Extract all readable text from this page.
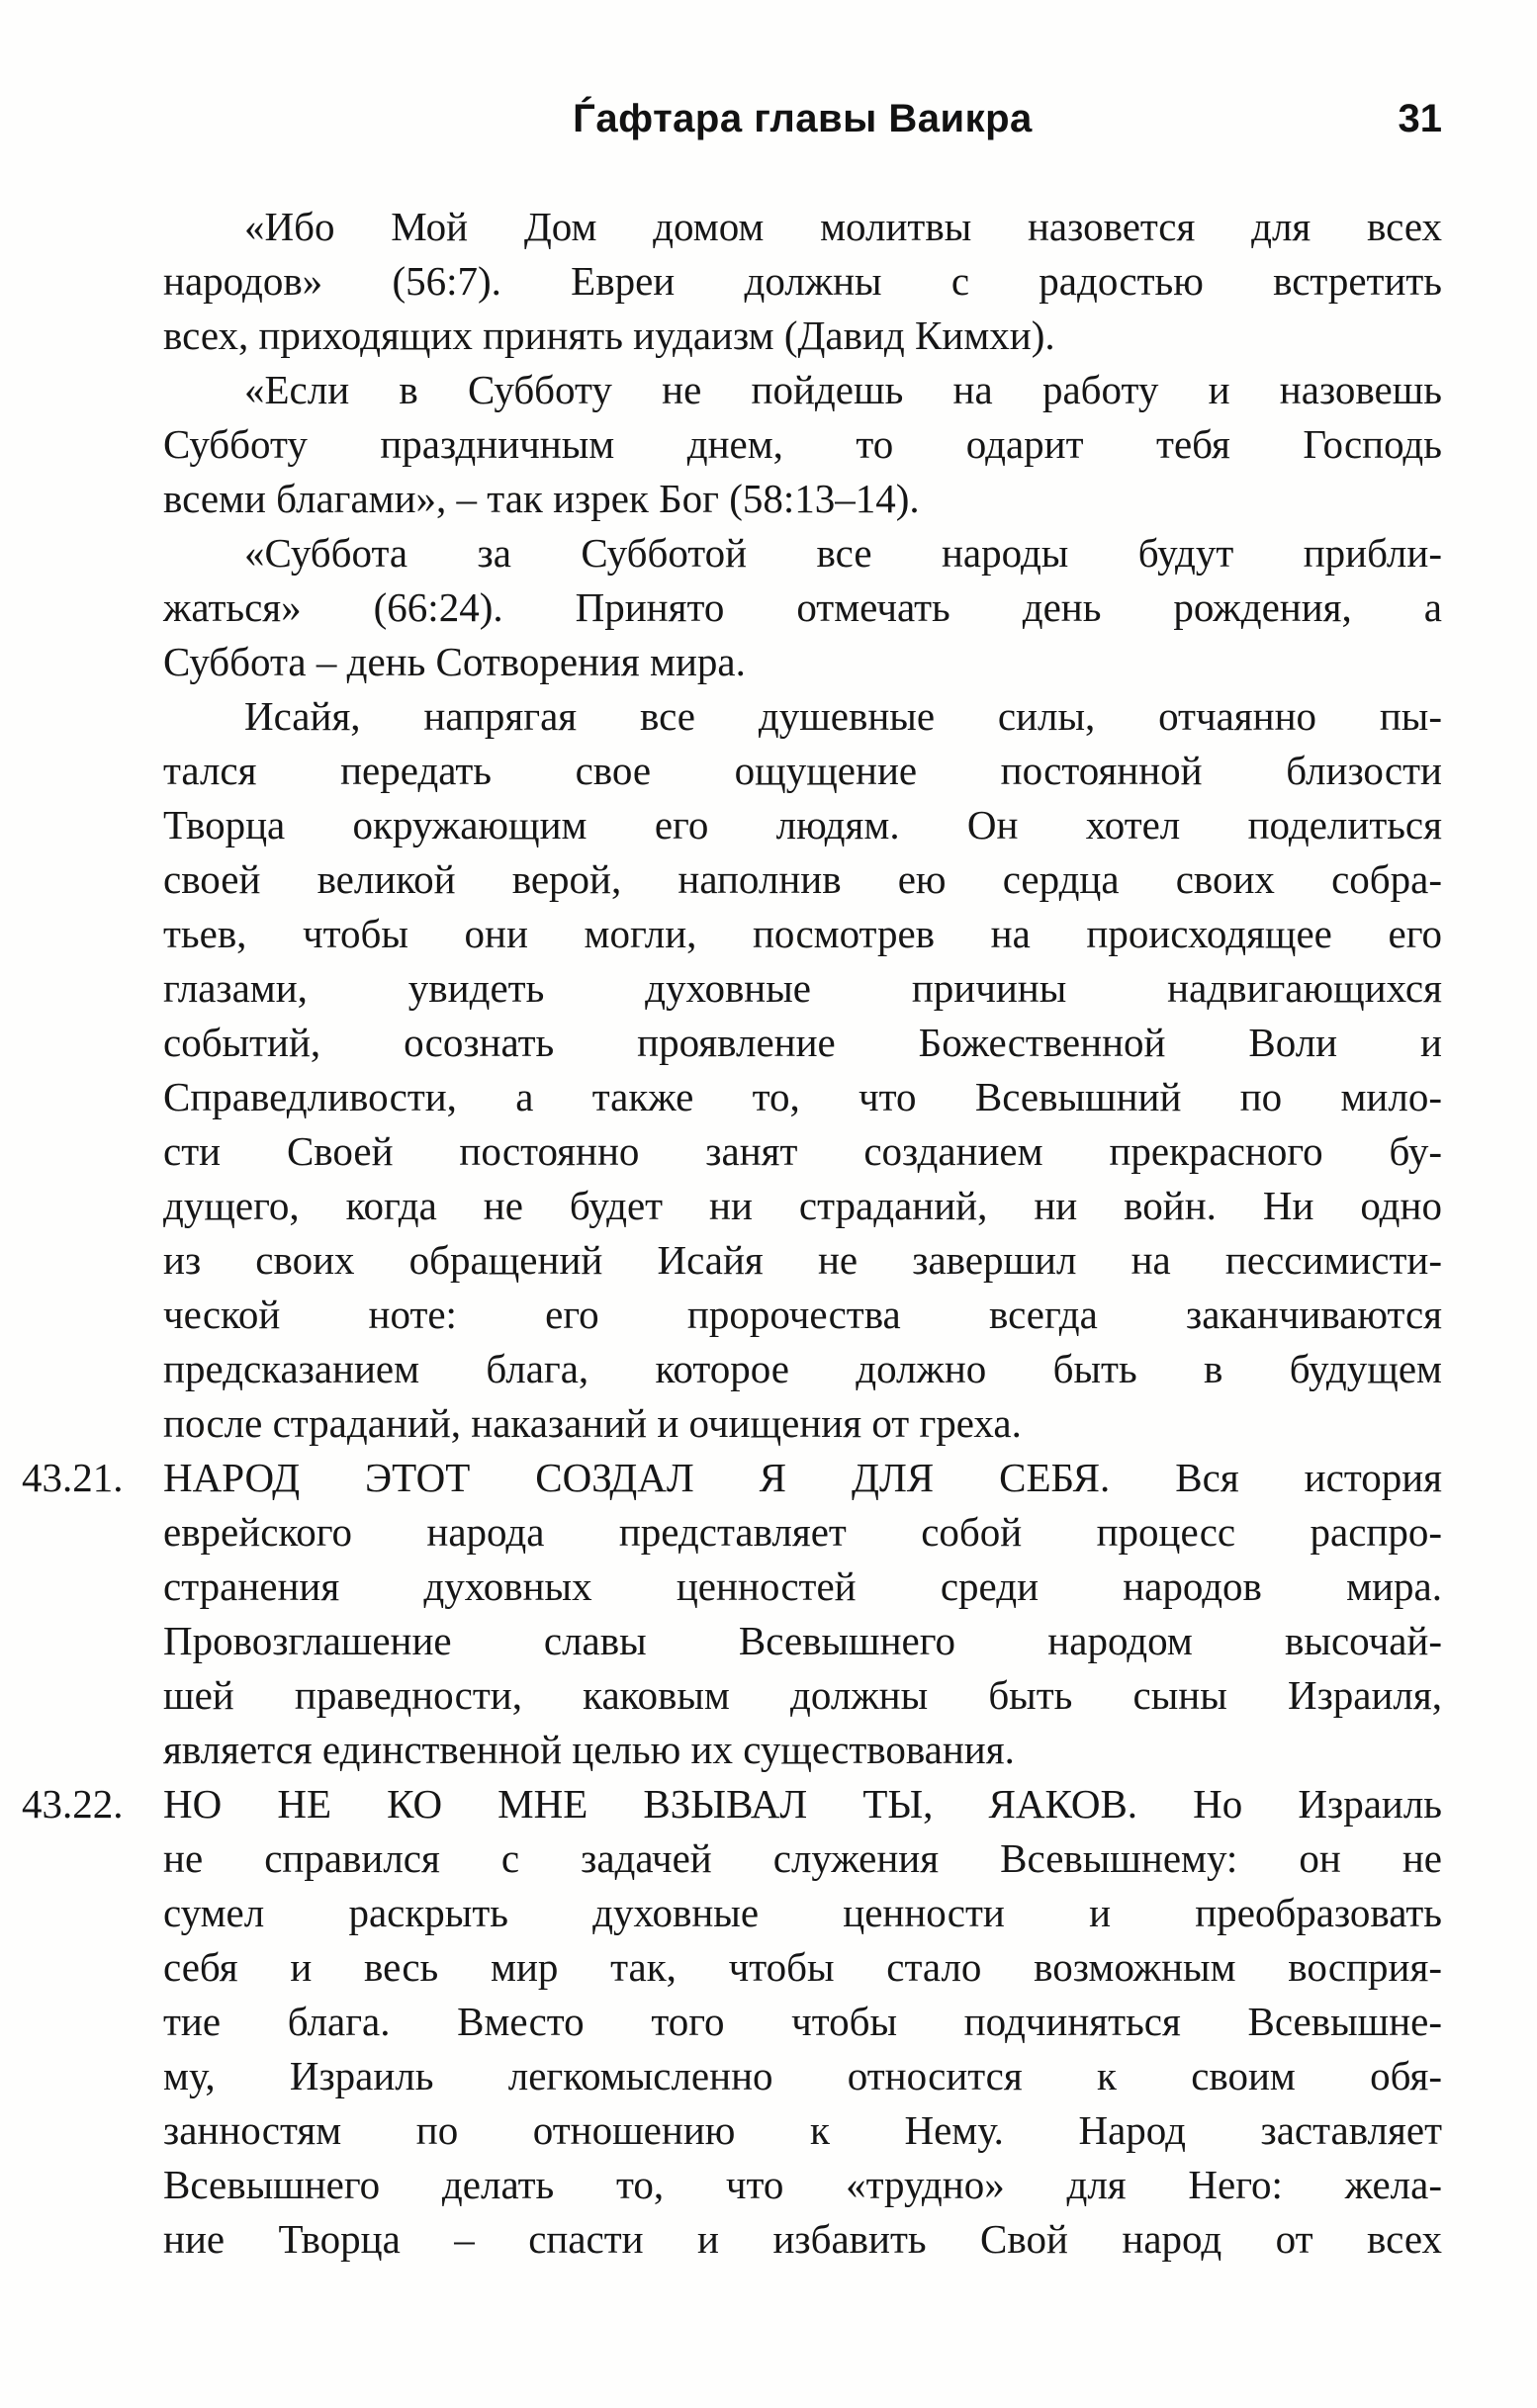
Ѓафтара главы Ваикра	31
«Ибо Мой Дом домом молитвы назовется для всех
народов» (56:7). Евреи должны с радостью встретить
всех, приходящих принять иудаизм (Давид Кимхи).
«Если в Субботу не пойдешь на работу и назовешь
Субботу праздничным днем, то одарит тебя Господь
всеми благами», – так изрек Бог (58:13–14).
«Суббота за Субботой все народы будут прибли-
жаться» (66:24). Принято отмечать день рождения, а
Суббота – день Сотворения мира.
Исайя, напрягая все душевные силы, отчаянно пы-
тался передать свое ощущение постоянной близости
Творца окружающим его людям. Он хотел поделиться
своей великой верой, наполнив ею сердца своих собра-
тьев, чтобы они могли, посмотрев на происходящее его
глазами, увидеть духовные причины надвигающихся
событий, осознать проявление Божественной Воли и
Справедливости, а также то, что Всевышний по мило-
сти Своей постоянно занят созданием прекрасного бу-
дущего, когда не будет ни страданий, ни войн. Ни одно
из своих обращений Исайя не завершил на пессимисти-
ческой ноте: его пророчества всегда заканчиваются
предсказанием блага, которое должно быть в будущем
после страданий, наказаний и очищения от греха.
43.21. НАРОД ЭТОТ СОЗДАЛ Я ДЛЯ СЕБЯ. Вся история
еврейского народа представляет собой процесс распро-
странения духовных ценностей среди народов мира.
Провозглашение славы Всевышнего народом высочай-
шей праведности, каковым должны быть сыны Израиля,
является единственной целью их существования.
43.22. НО НЕ КО МНЕ ВЗЫВАЛ ТЫ, ЯАКОВ. Но Израиль
не справился с задачей служения Всевышнему: он не
сумел раскрыть духовные ценности и преобразовать
себя и весь мир так, чтобы стало возможным восприя-
тие блага. Вместо того чтобы подчиняться Всевышне-
му, Израиль легкомысленно относится к своим обя-
занностям по отношению к Нему. Народ заставляет
Всевышнего делать то, что «трудно» для Него: жела-
ние Творца – спасти и избавить Свой народ от всех
